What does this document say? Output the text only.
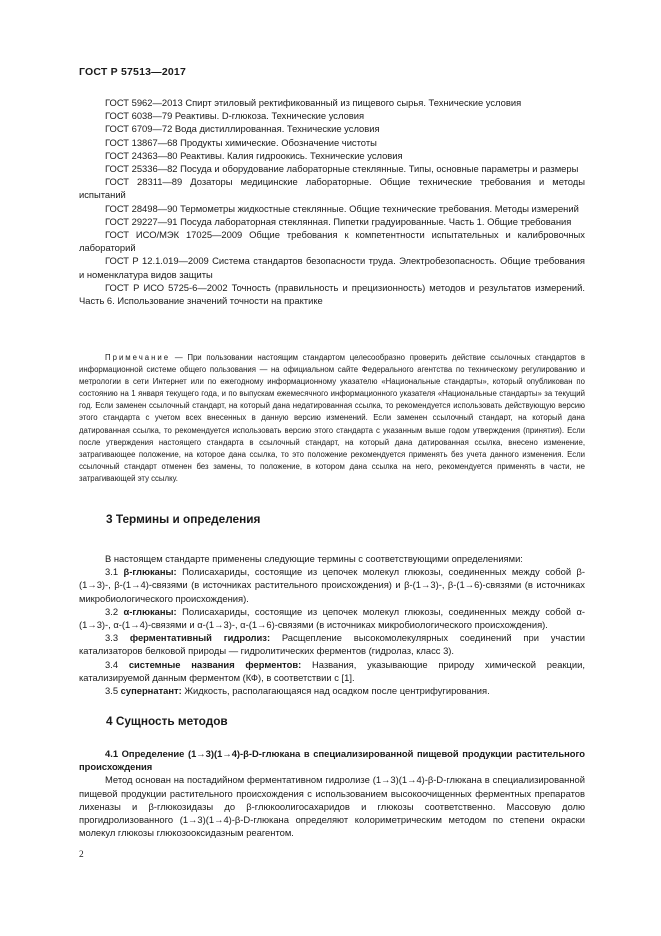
ГОСТ Р 57513—2017

ГОСТ 5962—2013 Спирт этиловый ректификованный из пищевого сырья. Технические условия

ГОСТ 6038—79 Реактивы. D-глюкоза. Технические условия

ГОСТ 6709—72 Вода дистиллированная. Технические условия

ГОСТ 13867—68 Продукты химические. Обозначение чистоты

ГОСТ 24363—80 Реактивы. Калия гидроокись. Технические условия

ГОСТ 25336—82 Посуда и оборудование лабораторные стеклянные. Типы, основные параметры и размеры

ГОСТ 28311—89 Дозаторы медицинские лабораторные. Общие технические требования и методы испытаний

ГОСТ 28498—90 Термометры жидкостные стеклянные. Общие технические требования. Методы измерений

ГОСТ 29227—91 Посуда лабораторная стеклянная. Пипетки градуированные. Часть 1. Общие требования

ГОСТ ИСО/МЭК 17025—2009 Общие требования к компетентности испытательных и калибровочных лабораторий

ГОСТ Р 12.1.019—2009 Система стандартов безопасности труда. Электробезопасность. Общие требования и номенклатура видов защиты

ГОСТ Р ИСО 5725-6—2002 Точность (правильность и прецизионность) методов и результатов измерений. Часть 6. Использование значений точности на практике

Примечание — При пользовании настоящим стандартом целесообразно проверить действие ссылочных стандартов в информационной системе общего пользования — на официальном сайте Федерального агентства по техническому регулированию и метрологии в сети Интернет или по ежегодному информационному указателю «Национальные стандарты», который опубликован по состоянию на 1 января текущего года, и по выпускам ежемесячного информационного указателя «Национальные стандарты» за текущий год. Если заменен ссылочный стандарт, на который дана недатированная ссылка, то рекомендуется использовать действующую версию этого стандарта с учетом всех внесенных в данную версию изменений. Если заменен ссылочный стандарт, на который дана датированная ссылка, то рекомендуется использовать версию этого стандарта с указанным выше годом утверждения (принятия). Если после утверждения настоящего стандарта в ссылочный стандарт, на который дана датированная ссылка, внесено изменение, затрагивающее положение, на которое дана ссылка, то это положение рекомендуется применять без учета данного изменения. Если ссылочный стандарт отменен без замены, то положение, в котором дана ссылка на него, рекомендуется применять в части, не затрагивающей эту ссылку.

3 Термины и определения

В настоящем стандарте применены следующие термины с соответствующими определениями:

3.1 β-глюканы: Полисахариды, состоящие из цепочек молекул глюкозы, соединенных между собой β-(1→3)-, β-(1→4)-связями (в источниках растительного происхождения) и β-(1→3)-, β-(1→6)-связями (в источниках микробиологического происхождения).

3.2 α-глюканы: Полисахариды, состоящие из цепочек молекул глюкозы, соединенных между собой α-(1→3)-, α-(1→4)-связями и α-(1→3)-, α-(1→6)-связями (в источниках микробиологического происхождения).

3.3 ферментативный гидролиз: Расщепление высокомолекулярных соединений при участии катализаторов белковой природы — гидролитических ферментов (гидролаз, класс 3).

3.4 системные названия ферментов: Названия, указывающие природу химической реакции, катализируемой данным ферментом (КФ), в соответствии с [1].

3.5 супернатант: Жидкость, располагающаяся над осадком после центрифугирования.

4 Сущность методов

4.1 Определение (1→3)(1→4)-β-D-глюкана в специализированной пищевой продукции растительного происхождения

Метод основан на постадийном ферментативном гидролизе (1→3)(1→4)-β-D-глюкана в специализированной пищевой продукции растительного происхождения с использованием высокоочищенных ферментных препаратов лихеназы и β-глюкозидазы до β-глюкоолигосахаридов и глюкозы соответственно. Массовую долю прогидролизованного (1→3)(1→4)-β-D-глюкана определяют колориметрическим методом по степени окраски молекул глюкозы глюкозооксидазным реагентом.

2
